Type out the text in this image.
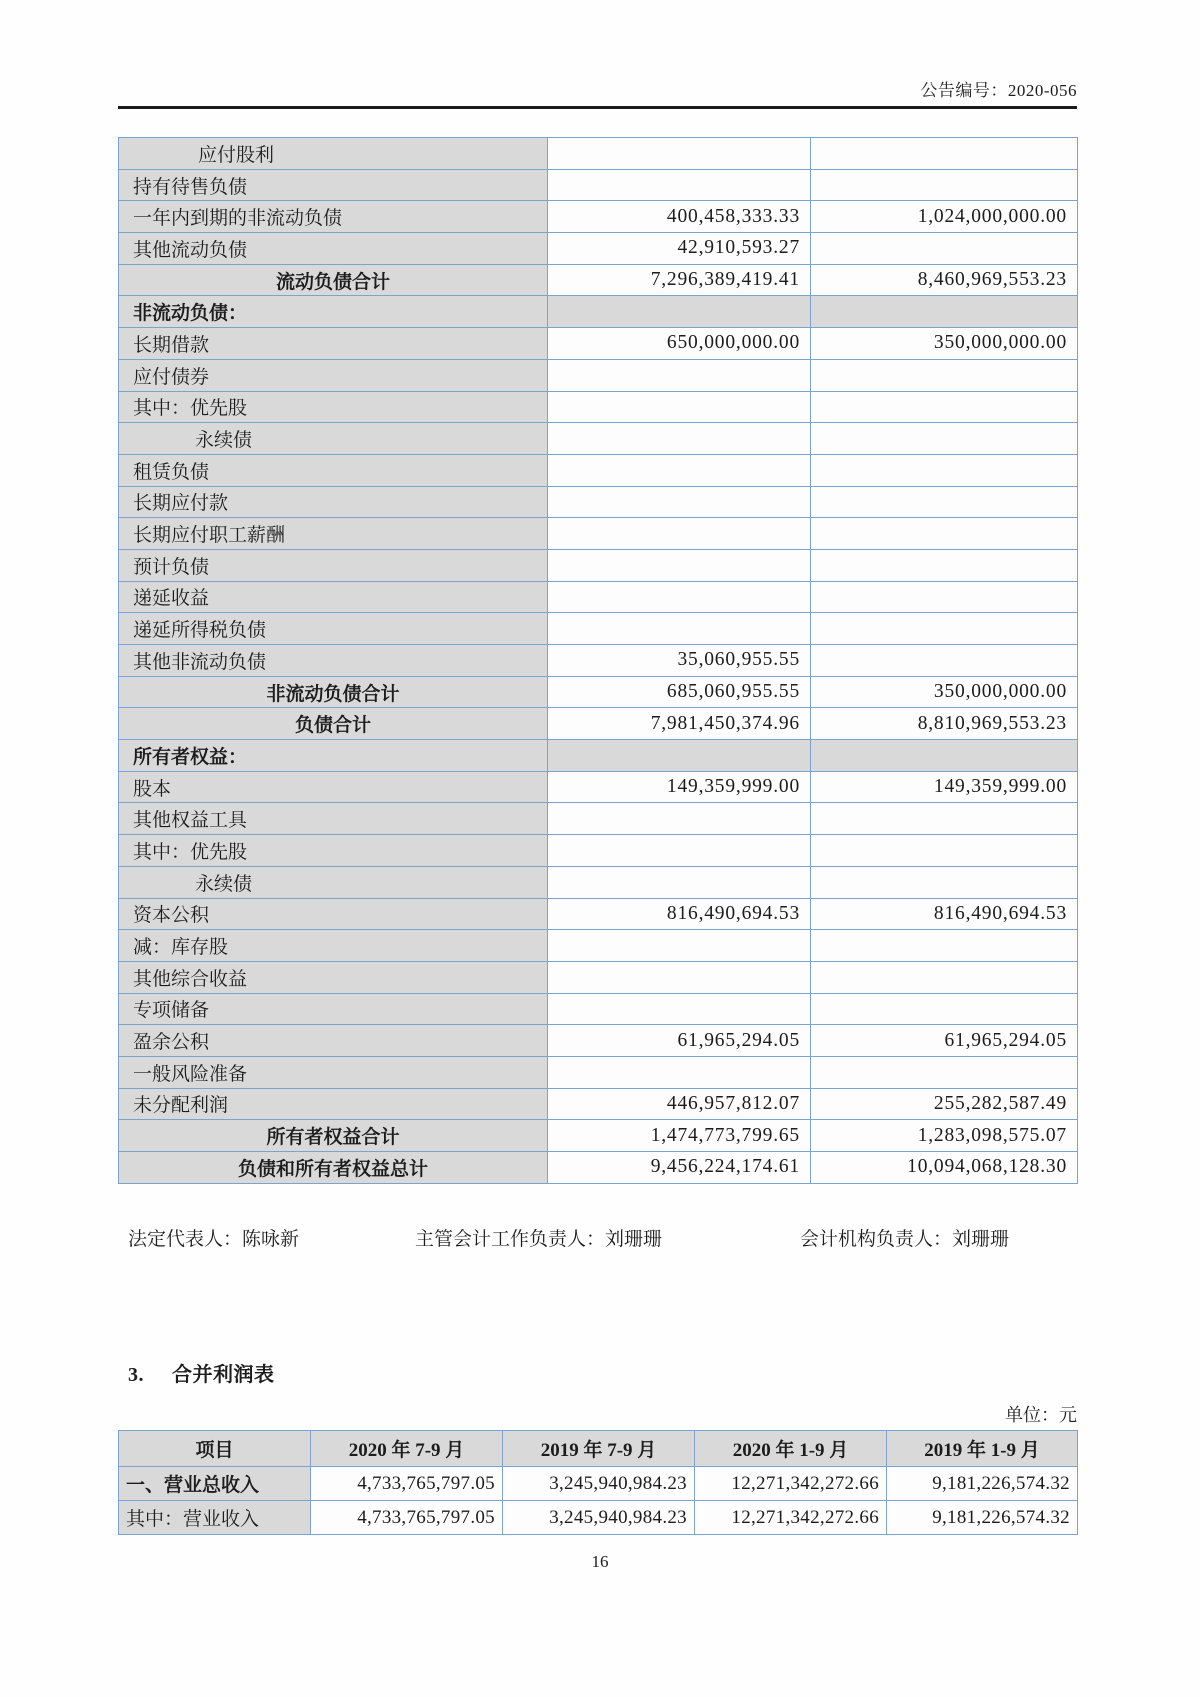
公告编号：2020-056
应付股利		
持有待售负债		
一年内到期的非流动负债	400,458,333.33	1,024,000,000.00
其他流动负债	42,910,593.27	
流动负债合计	7,296,389,419.41	8,460,969,553.23
非流动负债：		
长期借款	650,000,000.00	350,000,000.00
应付债券		
其中：优先股		
永续债		
租赁负债		
长期应付款		
长期应付职工薪酬		
预计负债		
递延收益		
递延所得税负债		
其他非流动负债	35,060,955.55	
非流动负债合计	685,060,955.55	350,000,000.00
负债合计	7,981,450,374.96	8,810,969,553.23
所有者权益：		
股本	149,359,999.00	149,359,999.00
其他权益工具		
其中：优先股		
永续债		
资本公积	816,490,694.53	816,490,694.53
减：库存股		
其他综合收益		
专项储备		
盈余公积	61,965,294.05	61,965,294.05
一般风险准备		
未分配利润	446,957,812.07	255,282,587.49
所有者权益合计	1,474,773,799.65	1,283,098,575.07
负债和所有者权益总计	9,456,224,174.61	10,094,068,128.30
法定代表人：陈咏新	主管会计工作负责人：刘珊珊	会计机构负责人：刘珊珊
3. 合并利润表
单位：元
项目	2020 年 7-9 月	2019 年 7-9 月	2020 年 1-9 月	2019 年 1-9 月
一、营业总收入	4,733,765,797.05	3,245,940,984.23	12,271,342,272.66	9,181,226,574.32
其中：营业收入	4,733,765,797.05	3,245,940,984.23	12,271,342,272.66	9,181,226,574.32
16
